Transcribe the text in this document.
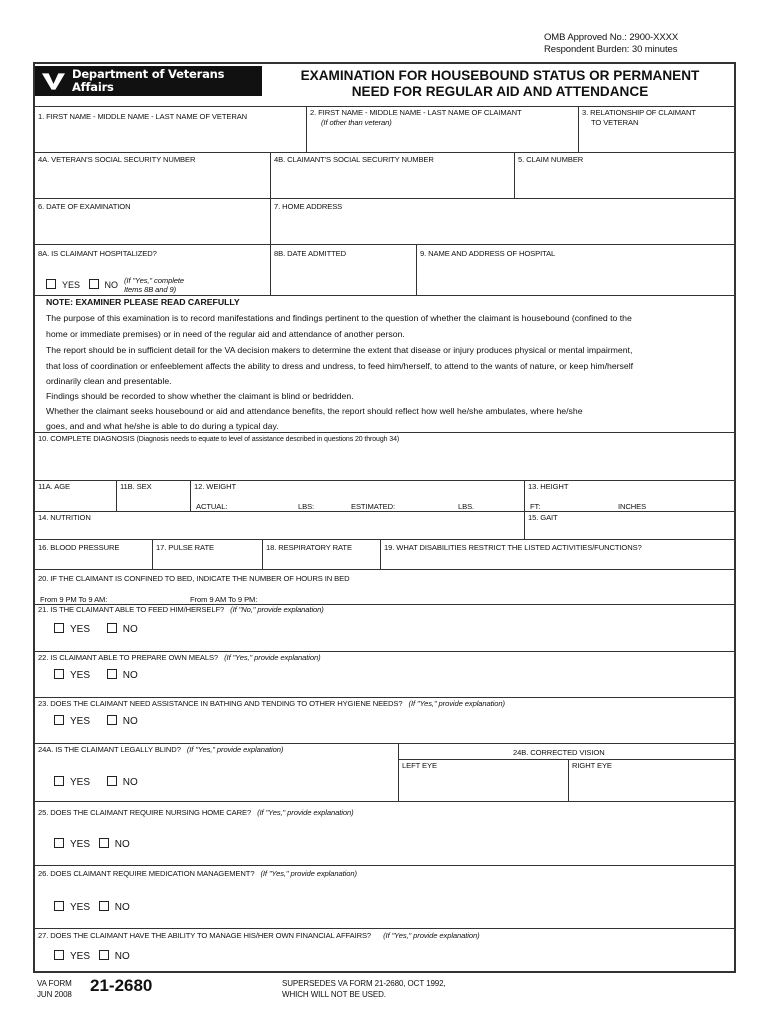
OMB Approved No.: 2900-XXXX
Respondent Burden: 30 minutes
Department of Veterans Affairs
EXAMINATION FOR HOUSEBOUND STATUS OR PERMANENT
NEED FOR REGULAR AID AND ATTENDANCE
1. FIRST NAME - MIDDLE NAME - LAST NAME OF VETERAN	2. FIRST NAME - MIDDLE NAME - LAST NAME OF CLAIMANT
(If other than veteran)
3. RELATIONSHIP OF CLAIMANT
TO VETERAN
4A. VETERAN'S SOCIAL SECURITY NUMBER	4B. CLAIMANT'S SOCIAL SECURITY NUMBER	5. CLAIM NUMBER
6. DATE OF EXAMINATION	7. HOME ADDRESS
8A. IS CLAIMANT HOSPITALIZED?
YES	NO (If "Yes," complete
Items 8B and 9)
8B. DATE ADMITTED	9. NAME AND ADDRESS OF HOSPITAL
NOTE: EXAMINER PLEASE READ CAREFULLY
The purpose of this examination is to record manifestations and findings pertinent to the question of whether the claimant is housebound (confined to the
home or immediate premises) or in need of the regular aid and attendance of another person.
The report should be in sufficient detail for the VA decision makers to determine the extent that disease or injury produces physical or mental impairment,
that loss of coordination or enfeeblement affects the ability to dress and undress, to feed him/herself, to attend to the wants of nature, or keep him/herself
ordinarily clean and presentable.
Findings should be recorded to show whether the claimant is blind or bedridden.
Whether the claimant seeks housebound or aid and attendance benefits, the report should reflect how well he/she ambulates, where he/she
goes, and and what he/she is able to do during a typical day.
10. COMPLETE DIAGNOSIS (Diagnosis needs to equate to level of assistance described in questions 20 through 34)
11A. AGE	11B. SEX	12. WEIGHT
ACTUAL:	LBS:	ESTIMATED:	LBS.
13. HEIGHT
FT:	INCHES
14. NUTRITION	15. GAIT
16. BLOOD PRESSURE	17. PULSE RATE	18. RESPIRATORY RATE	19. WHAT DISABILITIES RESTRICT THE LISTED ACTIVITIES/FUNCTIONS?
20. IF THE CLAIMANT IS CONFINED TO BED, INDICATE THE NUMBER OF HOURS IN BED
From 9 PM To 9 AM:	From 9 AM To 9 PM:
21. IS THE CLAIMANT ABLE TO FEED HIM/HERSELF? (If "No," provide explanation)
YES	NO
22. IS CLAIMANT ABLE TO PREPARE OWN MEALS? (If "Yes," provide explanation)
YES	NO
23. DOES THE CLAIMANT NEED ASSISTANCE IN BATHING AND TENDING TO OTHER HYGIENE NEEDS? (If "Yes," provide explanation)
YES	NO
24A. IS THE CLAIMANT LEGALLY BLIND? (If "Yes," provide explanation)
YES	NO
24B. CORRECTED VISION
LEFT EYE	RIGHT EYE
25. DOES THE CLAIMANT REQUIRE NURSING HOME CARE? (If "Yes," provide explanation)
YES NO
26. DOES CLAIMANT REQUIRE MEDICATION MANAGEMENT? (If "Yes," provide explanation)
YES NO
27. DOES THE CLAIMANT HAVE THE ABILITY TO MANAGE HIS/HER OWN FINANCIAL AFFAIRS? (If "Yes," provide explanation)
YES NO
VA FORM
JUN 2008 21-2680	SUPERSEDES VA FORM 21-2680, OCT 1992,
WHICH WILL NOT BE USED.
